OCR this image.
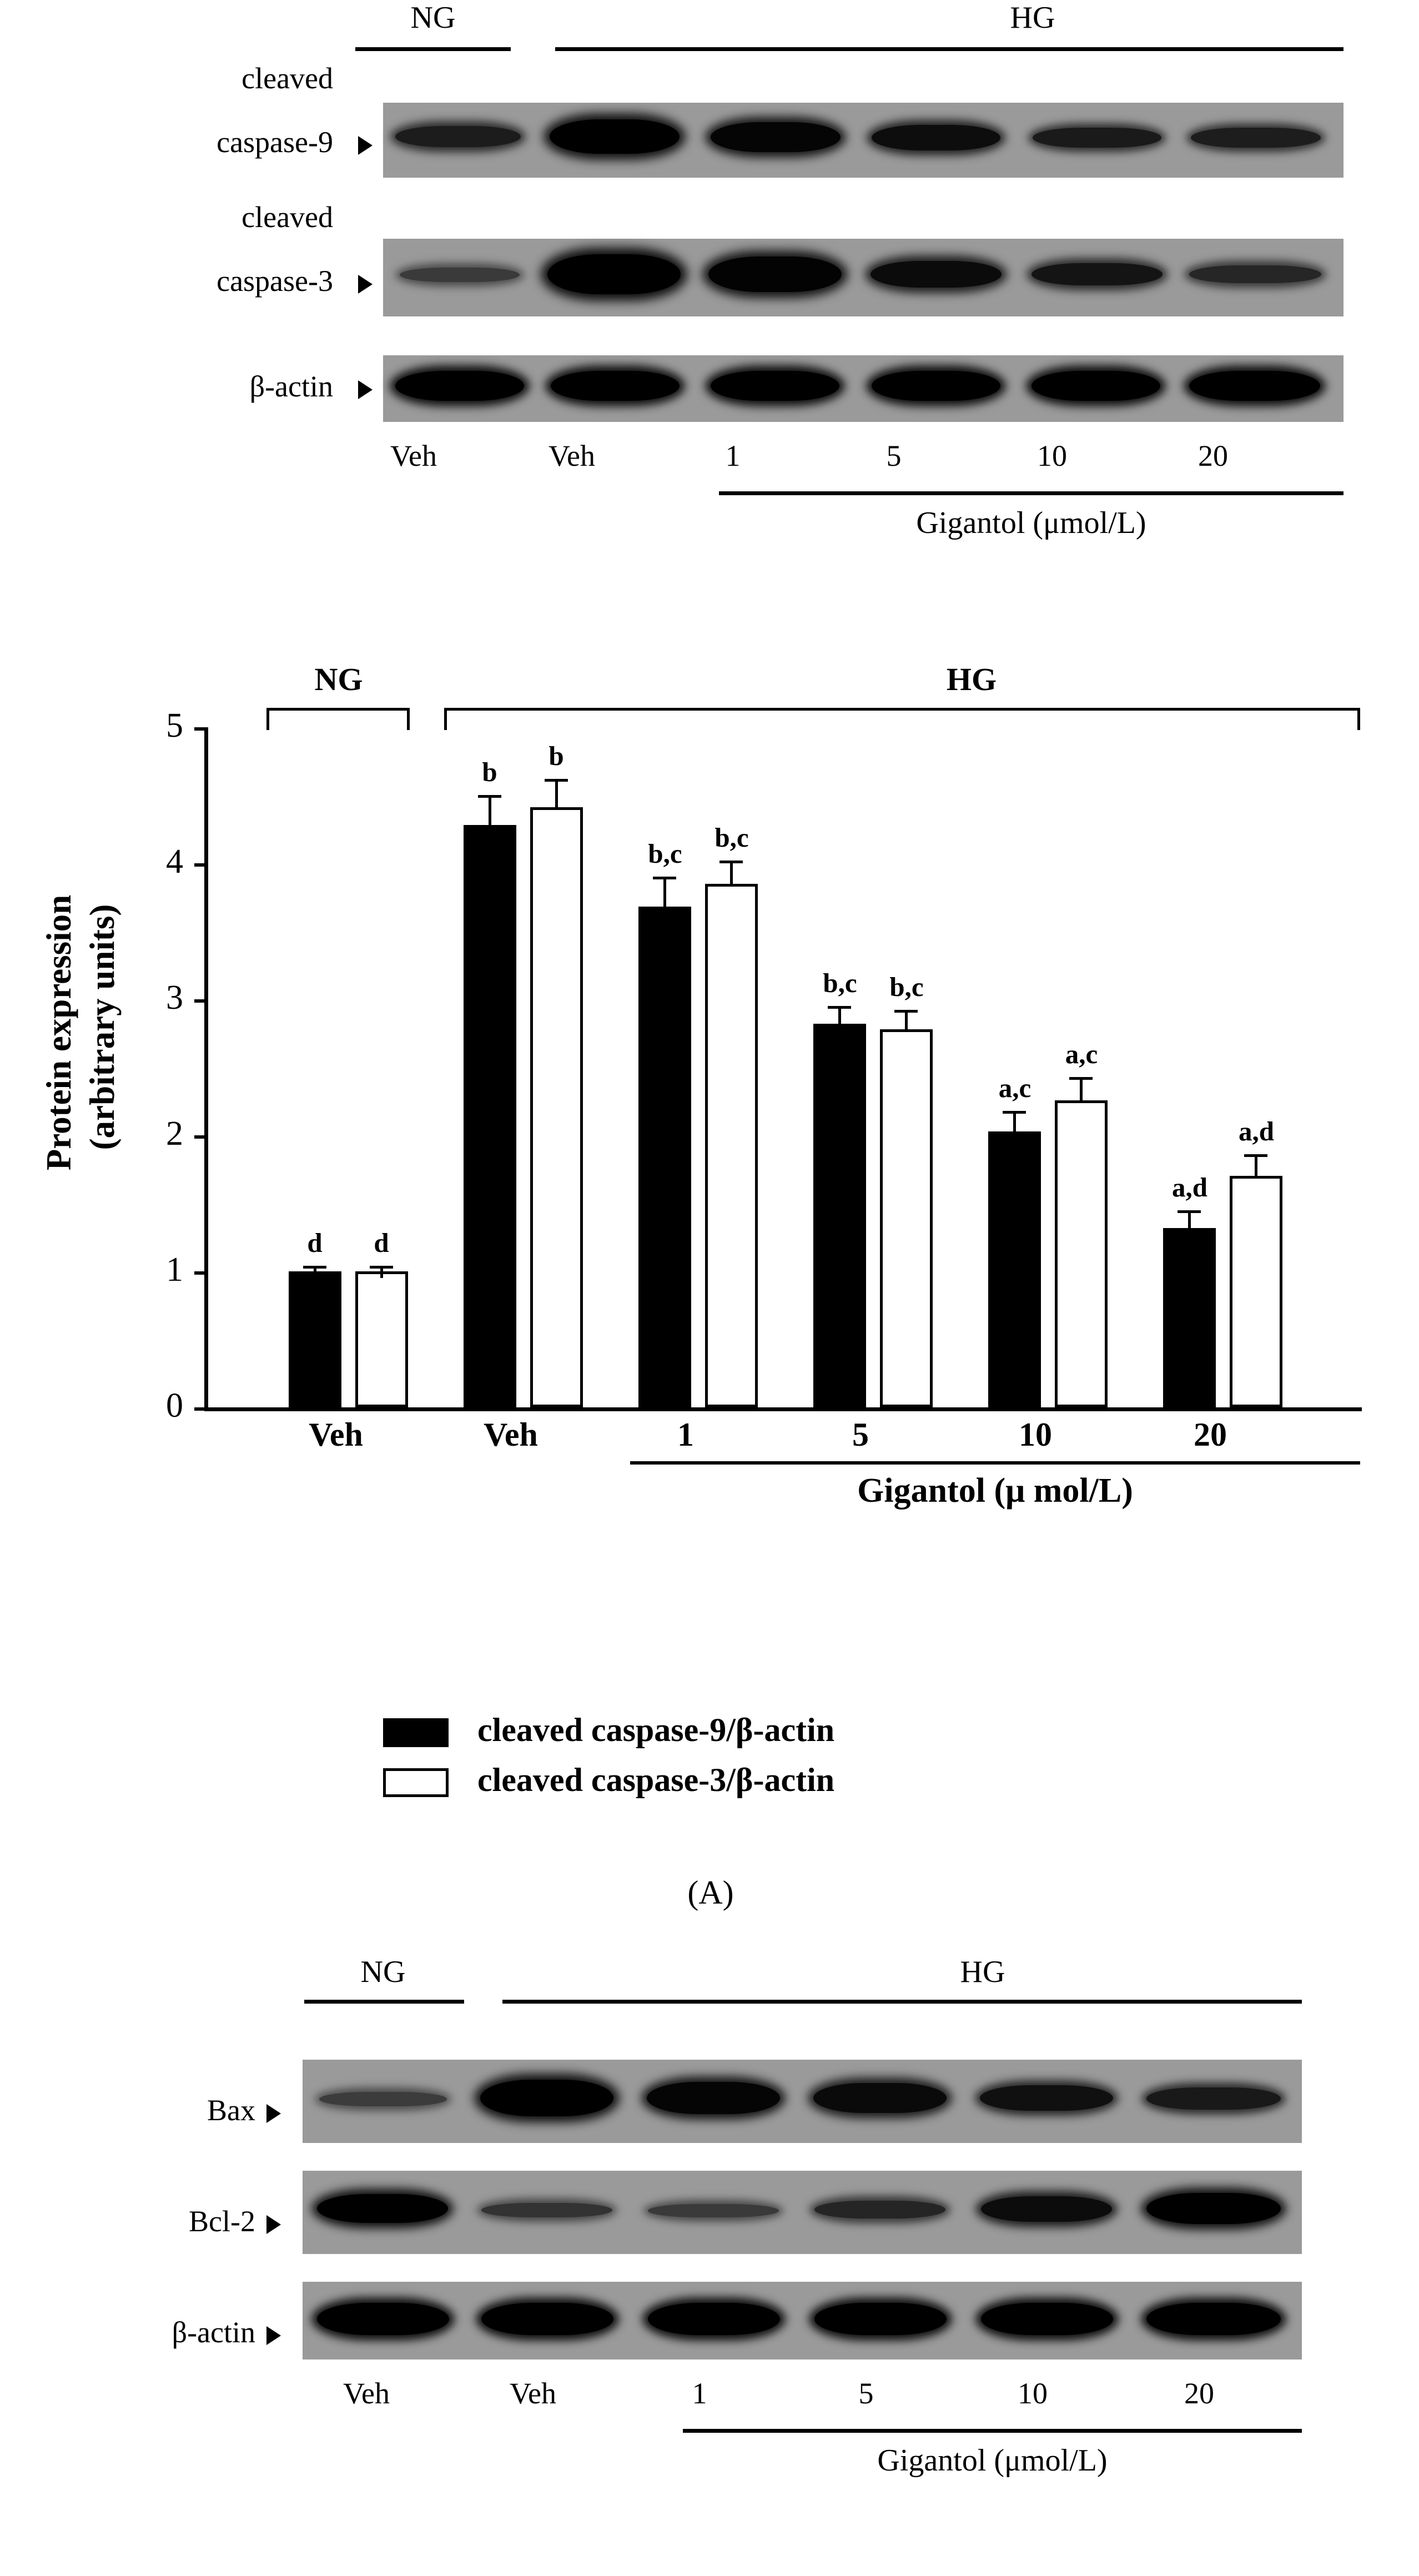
NG	HG
cleaved
caspase-9
cleaved
caspase-3
β-actin
Veh	Veh	1	5	10	20
Gigantol (μmol/L)
Protein expression (arbitrary units)
5
4
3
2
1
0
NG	HG
d	d
b
b
b,c
b,c
b,c	b,c
a,c
a,c
a,d
a,d
Veh	Veh	1	5	10	20
Gigantol (μ mol/L)
cleaved caspase-9/β-actin
cleaved caspase-3/β-actin
(A)
NG	HG
Bax
Bcl-2
β-actin
Veh	Veh	1	5	10	20
Gigantol (μmol/L)
